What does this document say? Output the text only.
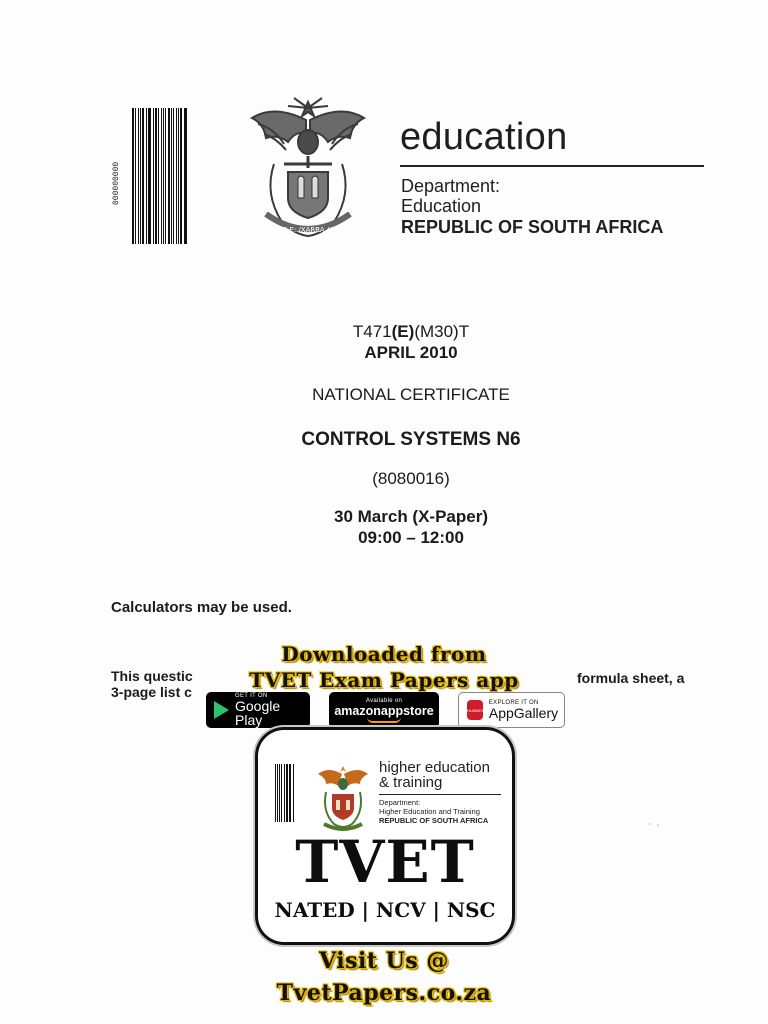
000000000
!KE E: /XARRA //KE
education
Department:
Education
REPUBLIC OF SOUTH AFRICA
T471(E)(M30)T
APRIL 2010
NATIONAL CERTIFICATE
CONTROL SYSTEMS N6
(8080016)
30 March (X-Paper)
09:00 – 12:00
Calculators may be used.
This questic
3-page list c
formula sheet, a
Downloaded from
TVET Exam Papers app
GET IT ON
Google Play
Available on
amazonappstore	HUAWEI
EXPLORE IT ON
AppGallery
higher education
& training
Department:
Higher Education and Training
REPUBLIC OF SOUTH AFRICA
TVET
NATED | NCV | NSC
Visit Us @
TvetPapers.co.za
